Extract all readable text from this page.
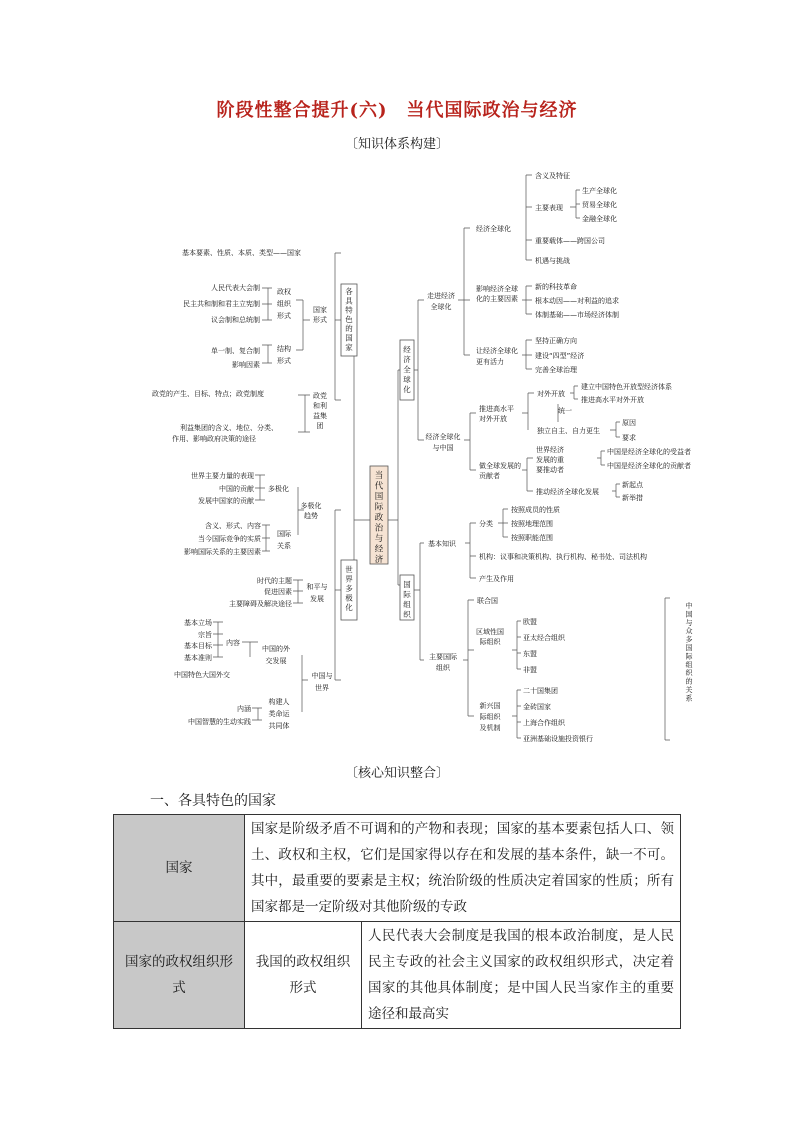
阶段性整合提升(六)　当代国际政治与经济
〔知识体系构建〕
当代国际政治与经济
各具特色的国家
世界多极化
经济全球化
国际组织
中国与众多国际组织的关系
基本要素、性质、本质、类型——国家
国家形式
政权组织形式
人民代表大会制
民主共和制和君主立宪制
议会制和总统制
结构形式
单一制、复合制
影响因素
政党和利益集团
政党的产生、目标、特点；政党制度
利益集团的含义、地位、分类、
作用、影响政府决策的途径
多极化趋势
多极化
世界主要力量的表现
中国的贡献
发展中国家的贡献
国际关系
含义、形式、内容
当今国际竞争的实质
影响国际关系的主要因素
和平与发展
时代的主题
促进因素
主要障碍及解决途径
中国与世界
中国的外交发展
内容
基本立场
宗旨
基本目标
基本准则
中国特色大国外交
构建人类命运共同体
内涵
中国智慧的生动实践
走进经济全球化
经济全球化
含义及特征
主要表现
生产全球化
贸易全球化
金融全球化
重要载体——跨国公司
机遇与挑战
影响经济全球化的主要因素
新的科技革命
根本动因——对利益的追求
体制基础——市场经济体制
让经济全球化更有活力
坚持正确方向
建设“四型”经济
完善全球治理
经济全球化与中国
推进高水平对外开放
对外开放
建立中国特色开放型经济体系
推进高水平对外开放
统一
独立自主、自力更生
原因
要求
做全球发展的贡献者
世界经济发展的重要推动者
中国是经济全球化的受益者
中国是经济全球化的贡献者
推动经济全球化发展
新起点
新举措
基本知识
分类
按照成员的性质
按照地理范围
按照职能范围
机构：议事和决策机构、执行机构、秘书处、司法机构
产生及作用
主要国际组织
联合国
区域性国际组织
欧盟
亚太经合组织
东盟
非盟
新兴国际组织及机制
二十国集团
金砖国家
上海合作组织
亚洲基础设施投资银行
〔核心知识整合〕
一、各具特色的国家
国家	国家是阶级矛盾不可调和的产物和表现；国家的基本要素包括人口、领土、政权和主权，它们是国家得以存在和发展的基本条件，缺一不可。其中，最重要的要素是主权；统治阶级的性质决定着国家的性质；所有国家都是一定阶级对其他阶级的专政	
国家的政权组织形式	我国的政权组织形式	人民代表大会制度是我国的根本政治制度，是人民民主专政的社会主义国家的政权组织形式，决定着国家的其他具体制度；是中国人民当家作主的重要途径和最高实
